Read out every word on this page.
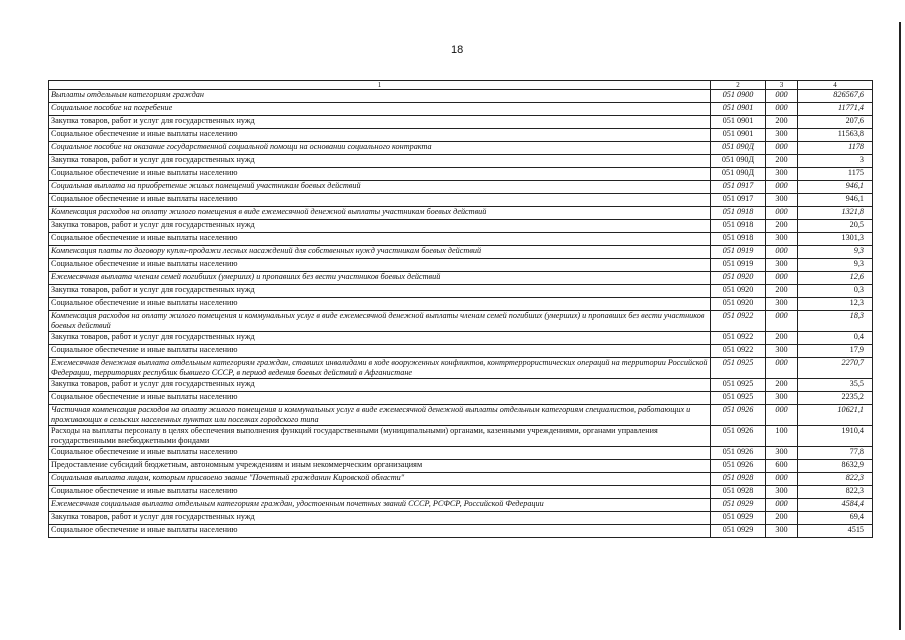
18
1	2	3	4
Выплаты отдельным категориям граждан	051 0900	000	826567,6
Социальное пособие на погребение	051 0901	000	11771,4
Закупка товаров, работ и услуг для государственных нужд	051 0901	200	207,6
Социальное обеспечение и иные выплаты населению	051 0901	300	11563,8
Социальное пособие на оказание государственной социальной помощи на основании социального контракта	051 090Д	000	1178
Закупка товаров, работ и услуг для государственных нужд	051 090Д	200	3
Социальное обеспечение и иные выплаты населению	051 090Д	300	1175
Социальная выплата на приобретение жилых помещений участникам боевых действий	051 0917	000	946,1
Социальное обеспечение и иные выплаты населению	051 0917	300	946,1
Компенсация расходов на оплату жилого помещения в виде ежемесячной денежной выплаты участникам боевых действий	051 0918	000	1321,8
Закупка товаров, работ и услуг для государственных нужд	051 0918	200	20,5
Социальное обеспечение и иные выплаты населению	051 0918	300	1301,3
Компенсация платы по договору купли-продажи лесных насаждений для собственных нужд участникам боевых действий	051 0919	000	9,3
Социальное обеспечение и иные выплаты населению	051 0919	300	9,3
Ежемесячная выплата членам семей погибших (умерших) и пропавших без вести участников боевых действий	051 0920	000	12,6
Закупка товаров, работ и услуг для государственных нужд	051 0920	200	0,3
Социальное обеспечение и иные выплаты населению	051 0920	300	12,3
Компенсация расходов на оплату жилого помещения и коммунальных услуг в виде ежемесячной денежной выплаты членам семей погибших (умерших) и пропавших без вести участников боевых действий	051 0922	000	18,3
Закупка товаров, работ и услуг для государственных нужд	051 0922	200	0,4
Социальное обеспечение и иные выплаты населению	051 0922	300	17,9
Ежемесячная денежная выплата отдельным категориям граждан, ставших инвалидами в ходе вооруженных конфликтов, контртеррористических операций на территории Российской Федерации, территориях республик бывшего СССР, в период ведения боевых действий в Афганистане	051 0925	000	2270,7
Закупка товаров, работ и услуг для государственных нужд	051 0925	200	35,5
Социальное обеспечение и иные выплаты населению	051 0925	300	2235,2
Частичная компенсация расходов на оплату жилого помещения и коммунальных услуг в виде ежемесячной денежной выплаты отдельным категориям специалистов, работающих и проживающих в сельских населенных пунктах или поселках городского типа	051 0926	000	10621,1
Расходы на выплаты персоналу в целях обеспечения выполнения функций государственными (муниципальными) органами, казенными учреждениями, органами управления государственными внебюджетными фондами	051 0926	100	1910,4
Социальное обеспечение и иные выплаты населению	051 0926	300	77,8
Предоставление субсидий бюджетным, автономным учреждениям и иным некоммерческим организациям	051 0926	600	8632,9
Социальная выплата лицам, которым присвоено звание "Почетный гражданин Кировской области"	051 0928	000	822,3
Социальное обеспечение и иные выплаты населению	051 0928	300	822,3
Ежемесячная социальная выплата отдельным категориям граждан, удостоенным почетных званий СССР, РСФСР, Российской Федерации	051 0929	000	4584,4
Закупка товаров, работ и услуг для государственных нужд	051 0929	200	69,4
Социальное обеспечение и иные выплаты населению	051 0929	300	4515
